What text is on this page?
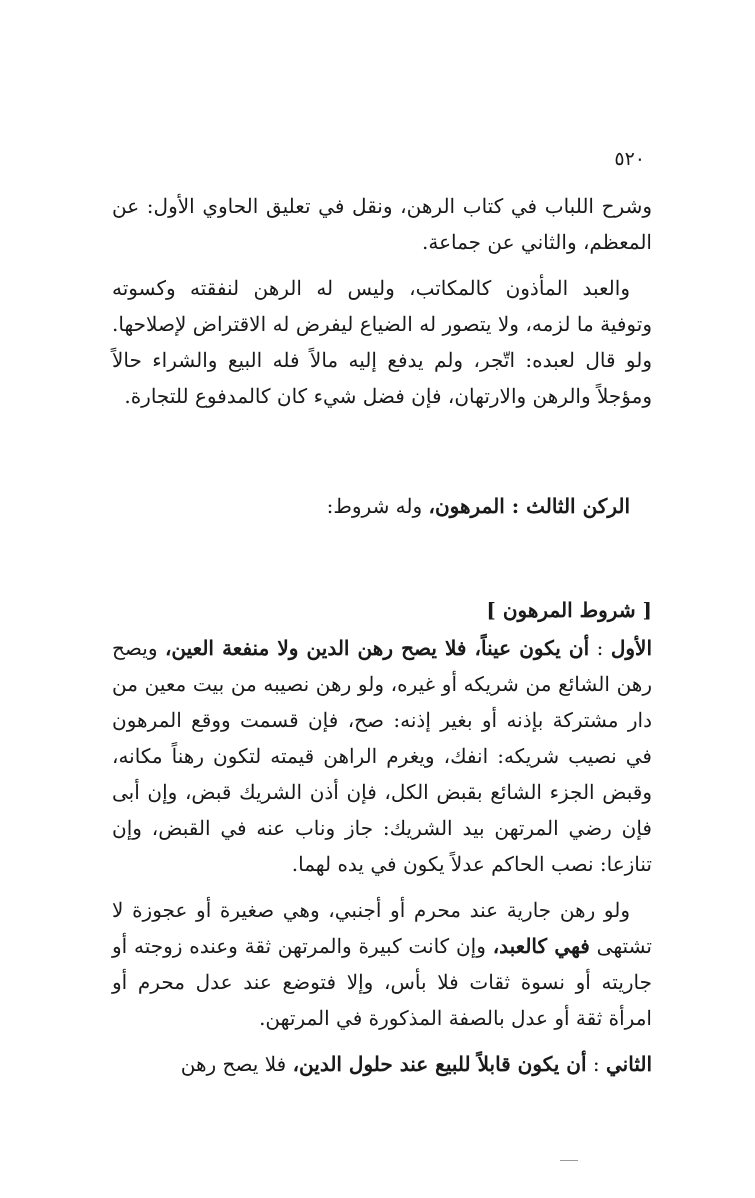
٥٢٠

وشرح اللباب في كتاب الرهن، ونقل في تعليق الحاوي الأول: عن المعظم، والثاني عن جماعة.

والعبد المأذون كالمكاتب، وليس له الرهن لنفقته وكسوته وتوفية ما لزمه، ولا يتصور له الضياع ليفرض له الاقتراض لإصلاحها. ولو قال لعبده: اتّجر، ولم يدفع إليه مالاً فله البيع والشراء حالاً ومؤجلاً والرهن والارتهان، فإن فضل شيء كان كالمدفوع للتجارة.

الركن الثالث : المرهون، وله شروط:

[ شروط المرهون ]

الأول : أن يكون عيناً، فلا يصح رهن الدين ولا منفعة العين، ويصح رهن الشائع من شريكه أو غيره، ولو رهن نصيبه من بيت معين من دار مشتركة بإذنه أو بغير إذنه: صح، فإن قسمت ووقع المرهون في نصيب شريكه: انفك، ويغرم الراهن قيمته لتكون رهناً مكانه، وقبض الجزء الشائع بقبض الكل، فإن أذن الشريك قبض، وإن أبى فإن رضي المرتهن بيد الشريك: جاز وناب عنه في القبض، وإن تنازعا: نصب الحاكم عدلاً يكون في يده لهما.

ولو رهن جارية عند محرم أو أجنبي، وهي صغيرة أو عجوزة لا تشتهى فهي كالعبد، وإن كانت كبيرة والمرتهن ثقة وعنده زوجته أو جاريته أو نسوة ثقات فلا بأس، وإلا فتوضع عند عدل محرم أو امرأة ثقة أو عدل بالصفة المذكورة في المرتهن.

الثاني : أن يكون قابلاً للبيع عند حلول الدين، فلا يصح رهن
